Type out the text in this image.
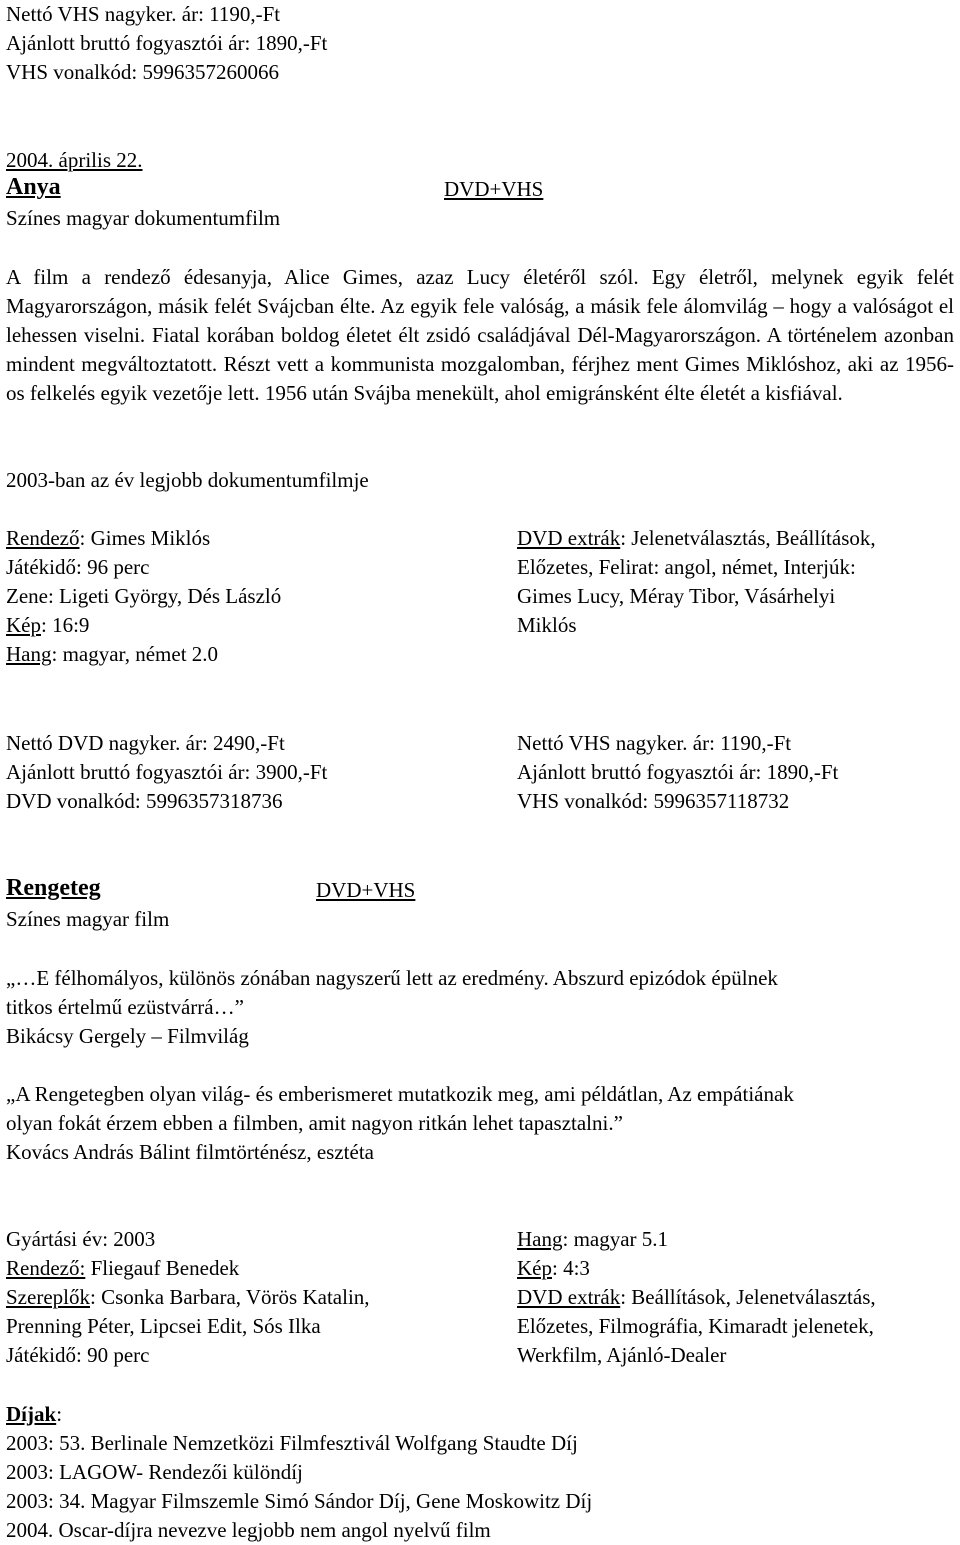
Nettó VHS nagyker. ár: 1190,-Ft
Ajánlott bruttó fogyasztói ár: 1890,-Ft
VHS vonalkód: 5996357260066
2004. április 22.
Anya	DVD+VHS
Színes magyar dokumentumfilm
A film a rendező édesanyja, Alice Gimes, azaz Lucy életéről szól. Egy életről, melynek egyik felét Magyarországon, másik felét Svájcban élte. Az egyik fele valóság, a másik fele álomvilág – hogy a valóságot el lehessen viselni. Fiatal korában boldog életet élt zsidó családjával Dél-Magyarországon. A történelem azonban mindent megváltoztatott. Részt vett a kommunista mozgalomban, férjhez ment Gimes Miklóshoz, aki az 1956-os felkelés egyik vezetője lett. 1956 után Svájba menekült, ahol emigránsként élte életét a kisfiával.
2003-ban az év legjobb dokumentumfilmje
Rendező: Gimes Miklós
Játékidő: 96 perc
Zene: Ligeti György, Dés László
Kép: 16:9
Hang: magyar, német 2.0
DVD extrák: Jelenetválasztás, Beállítások,
Előzetes, Felirat: angol, német, Interjúk:
Gimes Lucy, Méray Tibor, Vásárhelyi
Miklós
Nettó DVD nagyker. ár: 2490,-Ft
Ajánlott bruttó fogyasztói ár: 3900,-Ft
DVD vonalkód: 5996357318736
Nettó VHS nagyker. ár: 1190,-Ft
Ajánlott bruttó fogyasztói ár: 1890,-Ft
VHS vonalkód: 5996357118732
Rengeteg	DVD+VHS
Színes magyar film
„…E félhomályos, különös zónában nagyszerű lett az eredmény. Abszurd epizódok épülnek
titkos értelmű ezüstvárrá…”
Bikácsy Gergely – Filmvilág
„A Rengetegben olyan világ- és emberismeret mutatkozik meg, ami példátlan, Az empátiának
olyan fokát érzem ebben a filmben, amit nagyon ritkán lehet tapasztalni.”
Kovács András Bálint filmtörténész, esztéta
Gyártási év: 2003
Rendező: Fliegauf Benedek
Szereplők: Csonka Barbara, Vörös Katalin,
Prenning Péter, Lipcsei Edit, Sós Ilka
Játékidő: 90 perc
Hang: magyar 5.1
Kép: 4:3
DVD extrák: Beállítások, Jelenetválasztás,
Előzetes, Filmográfia, Kimaradt jelenetek,
Werkfilm, Ajánló-Dealer
Díjak:
2003: 53. Berlinale Nemzetközi Filmfesztivál Wolfgang Staudte Díj
2003: LAGOW- Rendezői különdíj
2003: 34. Magyar Filmszemle Simó Sándor Díj, Gene Moskowitz Díj
2004. Oscar-díjra nevezve legjobb nem angol nyelvű film
